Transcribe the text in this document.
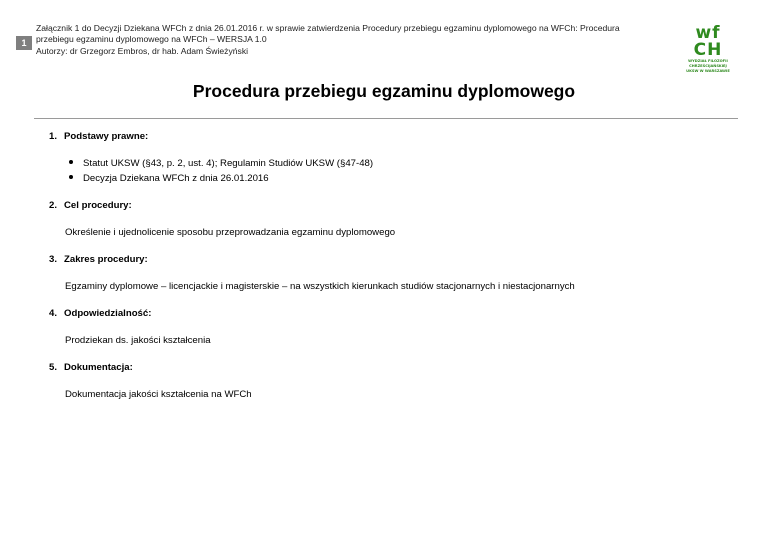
1
Załącznik 1 do Decyzji Dziekana WFCh z dnia 26.01.2016 r. w sprawie zatwierdzenia Procedury przebiegu egzaminu dyplomowego na WFCh: Procedura
przebiegu egzaminu dyplomowego na WFCh – WERSJA 1.0
Autorzy: dr Grzegorz Embros, dr hab. Adam Świeżyński
wf
CH
WYDZIAŁ FILOZOFII
CHRZEŚCIJAŃSKIEJ
UKSW W WARSZAWIE
Procedura przebiegu egzaminu dyplomowego
1. Podstawy prawne:
Statut UKSW (§43, p. 2, ust. 4); Regulamin Studiów UKSW (§47-48)
Decyzja Dziekana WFCh z dnia 26.01.2016
2. Cel procedury:
Określenie i ujednolicenie sposobu przeprowadzania egzaminu dyplomowego
3. Zakres procedury:
Egzaminy dyplomowe – licencjackie i magisterskie – na wszystkich kierunkach studiów stacjonarnych i niestacjonarnych
4. Odpowiedzialność:
Prodziekan ds. jakości kształcenia
5. Dokumentacja:
Dokumentacja jakości kształcenia na WFCh
